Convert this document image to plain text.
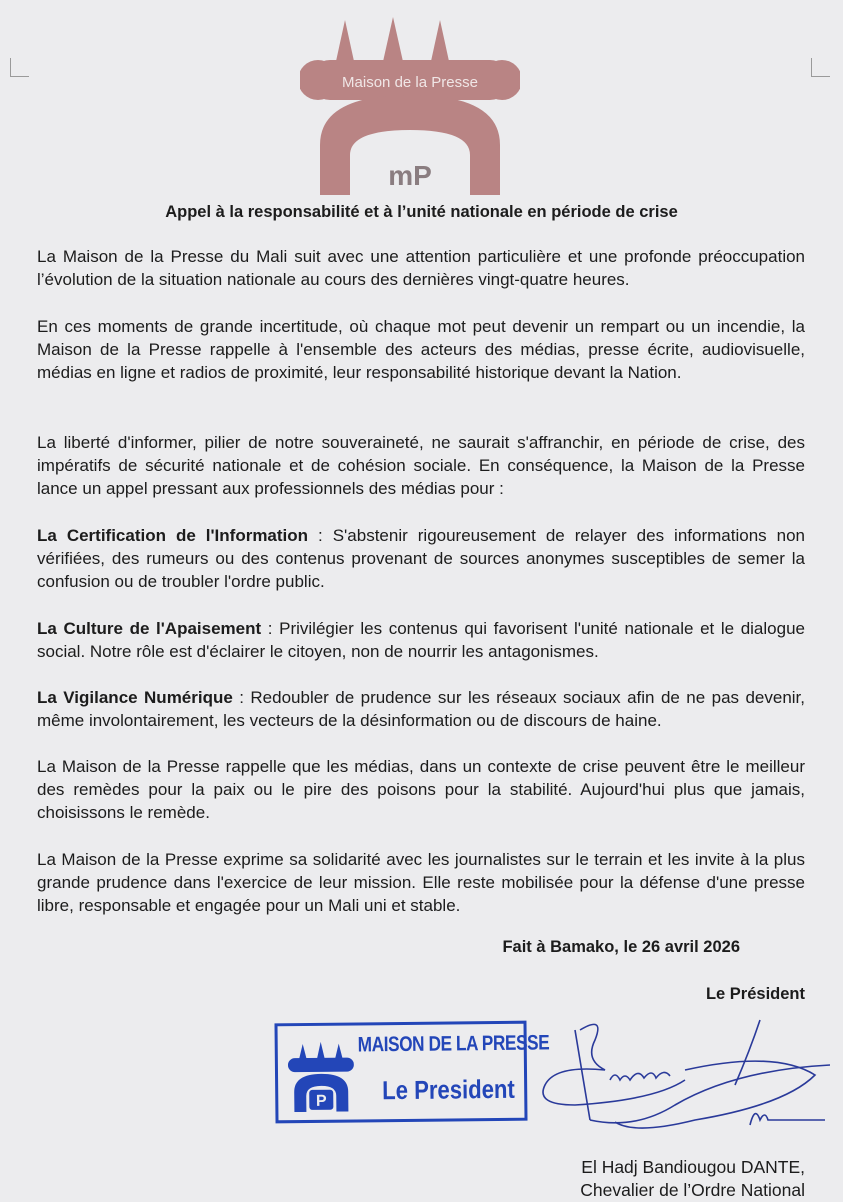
Maison de la Presse
mP
Appel à la responsabilité et à l’unité nationale en période de crise
La Maison de la Presse du Mali suit avec une attention particulière et une profonde préoccupation l’évolution de la situation nationale au cours des dernières vingt-quatre heures.
En ces moments de grande incertitude, où chaque mot peut devenir un rempart ou un incendie, la Maison de la Presse rappelle à l'ensemble des acteurs des médias, presse écrite, audiovisuelle, médias en ligne et radios de proximité, leur responsabilité historique devant la Nation.
La liberté d'informer, pilier de notre souveraineté, ne saurait s'affranchir, en période de crise, des impératifs de sécurité nationale et de cohésion sociale. En conséquence, la Maison de la Presse lance un appel pressant aux professionnels des médias pour :
La Certification de l'Information : S'abstenir rigoureusement de relayer des informations non vérifiées, des rumeurs ou des contenus provenant de sources anonymes susceptibles de semer la confusion ou de troubler l'ordre public.
La Culture de l'Apaisement : Privilégier les contenus qui favorisent l'unité nationale et le dialogue social. Notre rôle est d'éclairer le citoyen, non de nourrir les antagonismes.
La Vigilance Numérique : Redoubler de prudence sur les réseaux sociaux afin de ne pas devenir, même involontairement, les vecteurs de la désinformation ou de discours de haine.
La Maison de la Presse rappelle que les médias, dans un contexte de crise peuvent être le meilleur des remèdes pour la paix ou le pire des poisons pour la stabilité. Aujourd'hui plus que jamais, choisissons le remède.
La Maison de la Presse exprime sa solidarité avec les journalistes sur le terrain et les invite à la plus grande prudence dans l'exercice de leur mission. Elle reste mobilisée pour la défense d'une presse libre, responsable et engagée pour un Mali uni et stable.
Fait à Bamako, le 26 avril 2026
Le Président
P
MAISON DE LA PRESSE
Le President
El Hadj Bandiougou DANTE,
Chevalier de l’Ordre National
